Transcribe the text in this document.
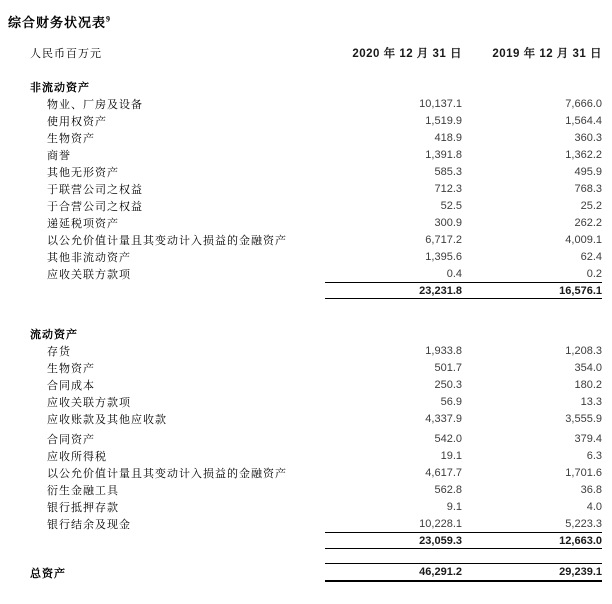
综合财务状况表$^9$
人民币百万元	2020 年 12 月 31 日	2019 年 12 月 31 日
非流动资产
物业、厂房及设备	10,137.1	7,666.0
使用权资产	1,519.9	1,564.4
生物资产	418.9	360.3
商誉	1,391.8	1,362.2
其他无形资产	585.3	495.9
于联营公司之权益	712.3	768.3
于合营公司之权益	52.5	25.2
递延税项资产	300.9	262.2
以公允价值计量且其变动计入损益的金融资产	6,717.2	4,009.1
其他非流动资产	1,395.6	62.4
应收关联方款项	0.4	0.2
23,231.8	16,576.1
流动资产
存货	1,933.8	1,208.3
生物资产	501.7	354.0
合同成本	250.3	180.2
应收关联方款项	56.9	13.3
应收账款及其他应收款	4,337.9	3,555.9
合同资产	542.0	379.4
应收所得税	19.1	6.3
以公允价值计量且其变动计入损益的金融资产	4,617.7	1,701.6
衍生金融工具	562.8	36.8
银行抵押存款	9.1	4.0
银行结余及现金	10,228.1	5,223.3
23,059.3	12,663.0
总资产	46,291.2	29,239.1
